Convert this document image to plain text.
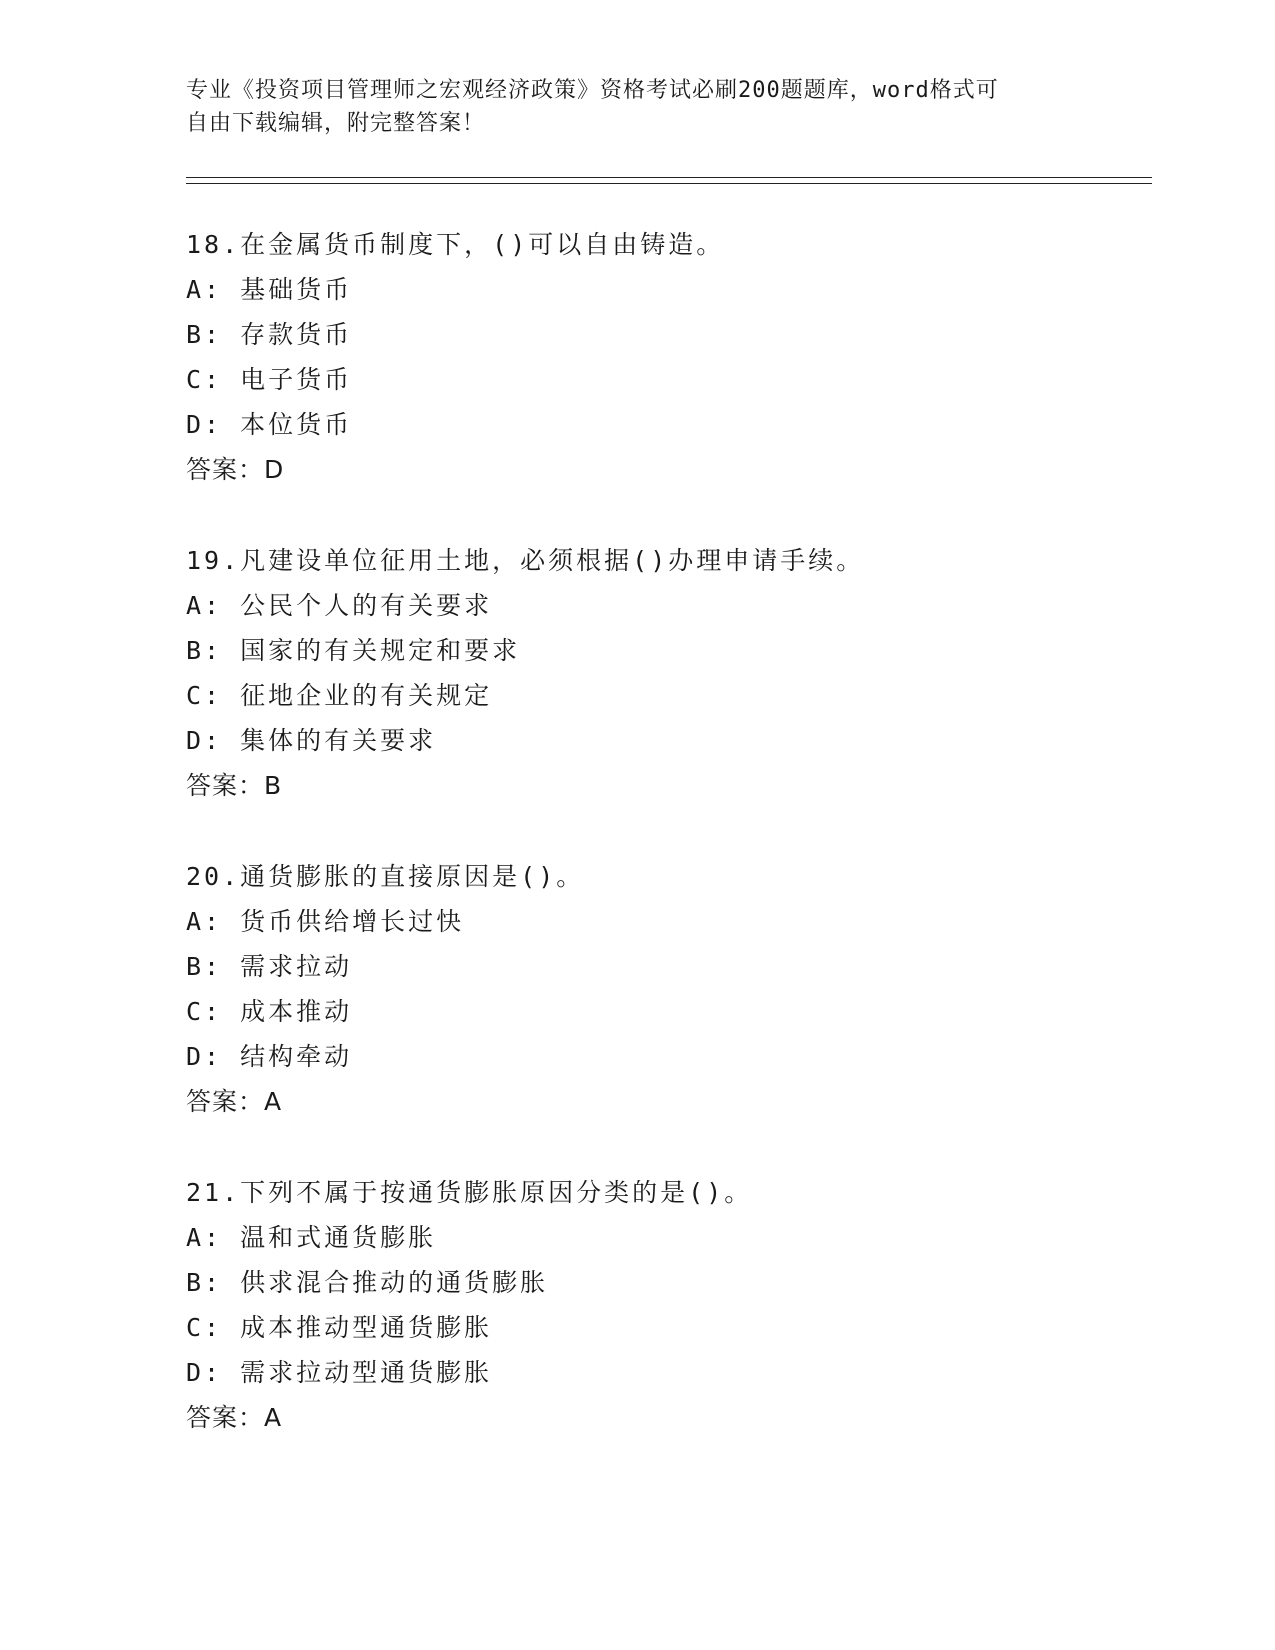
专业《投资项目管理师之宏观经济政策》资格考试必刷200题题库，word格式可
自由下载编辑，附完整答案！
18.在金属货币制度下，()可以自由铸造。
A: 基础货币
B: 存款货币
C: 电子货币
D: 本位货币
答案：D
19.凡建设单位征用土地，必须根据()办理申请手续。
A: 公民个人的有关要求
B: 国家的有关规定和要求
C: 征地企业的有关规定
D: 集体的有关要求
答案：B
20.通货膨胀的直接原因是()。
A: 货币供给增长过快
B: 需求拉动
C: 成本推动
D: 结构牵动
答案：A
21.下列不属于按通货膨胀原因分类的是()。
A: 温和式通货膨胀
B: 供求混合推动的通货膨胀
C: 成本推动型通货膨胀
D: 需求拉动型通货膨胀
答案：A
